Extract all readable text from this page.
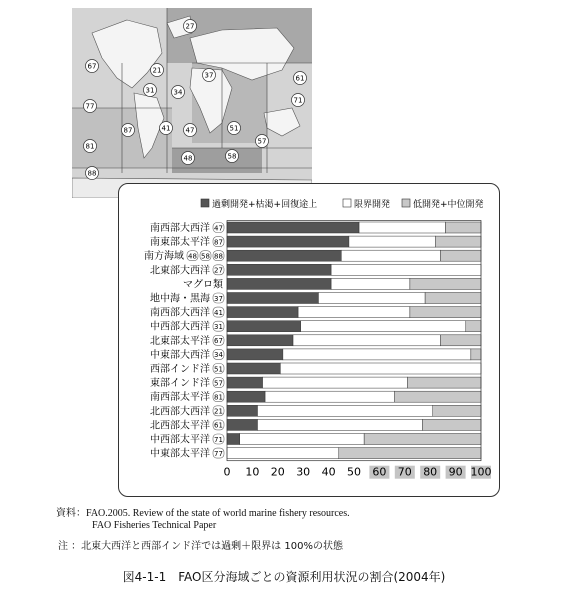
27
67	21
37	61
31	34
77
71
87	41 47	51
57
81
48	58
88
過剰開発+枯渇+回復途上	限界開発	低開発+中位開発
47
南西部大西洋
87
南東部太平洋
88
58
48
南方海域
27
北東部大西洋
マグロ類
37
地中海・黒海
41
南西部大西洋
31
中西部大西洋
67
北東部太平洋
34
中東部大西洋
51
西部インド洋
57
東部インド洋
81
南西部太平洋
21
北西部大西洋
61
北西部太平洋
71
中西部太平洋
77
中東部太平洋
0 10 20 30 40 50 60 70 80 90 100
資料：FAO.2005. Review of the state of world marine fishery resources.
FAO Fisheries Technical Paper
注 ：北東大西洋と西部インド洋では過剰＋限界は 100%の状態
図4-1-1　FAO区分海域ごとの資源利用状況の割合(2004年)
